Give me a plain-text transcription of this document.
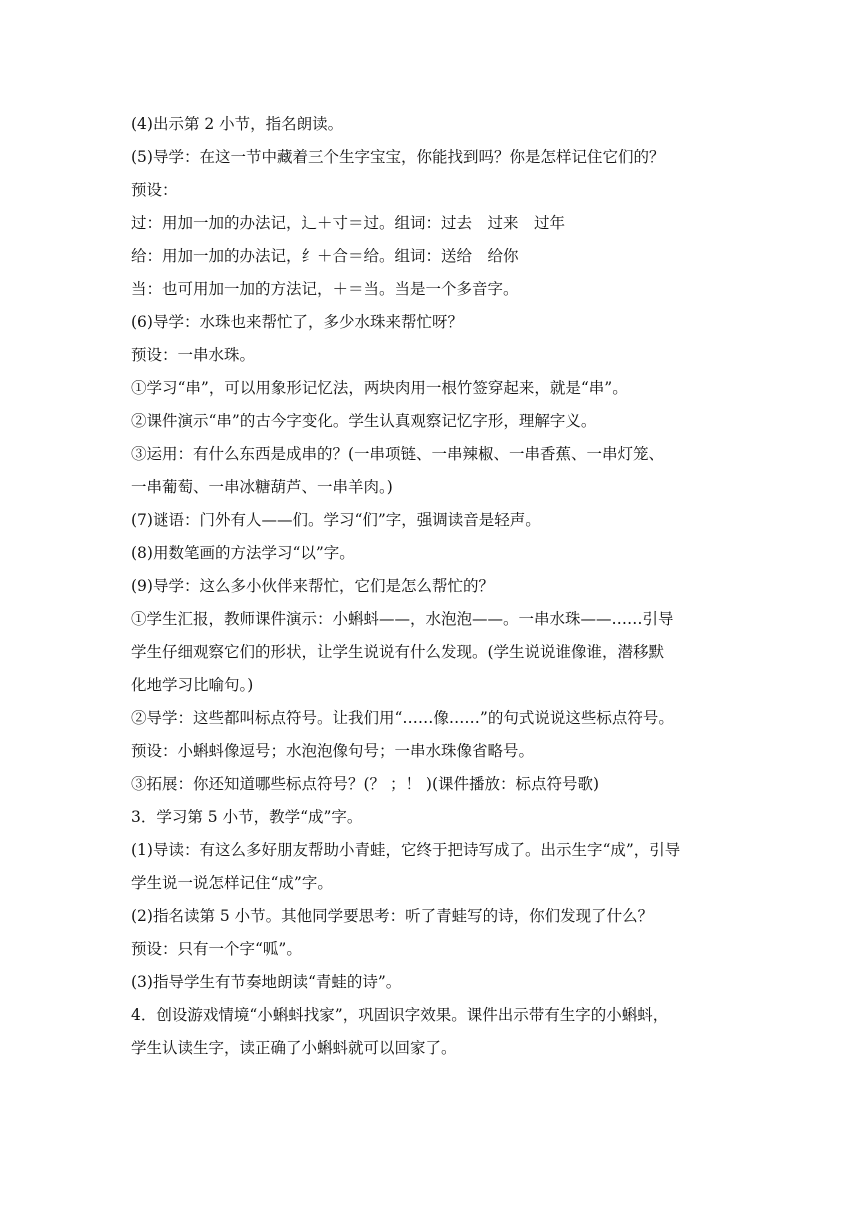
(4)出示第 2 小节，指名朗读。
(5)导学：在这一节中藏着三个生字宝宝，你能找到吗？你是怎样记住它们的？
预设：
过：用加一加的办法记，辶＋寸＝过。组词：过去　过来　过年
给：用加一加的办法记，纟＋合＝给。组词：送给　给你
当：也可用加一加的方法记，＋＝当。当是一个多音字。
(6)导学：水珠也来帮忙了，多少水珠来帮忙呀？
预设：一串水珠。
①学习“串”，可以用象形记忆法，两块肉用一根竹签穿起来，就是“串”。
②课件演示“串”的古今字变化。学生认真观察记忆字形，理解字义。
③运用：有什么东西是成串的？(一串项链、一串辣椒、一串香蕉、一串灯笼、
一串葡萄、一串冰糖葫芦、一串羊肉。)
(7)谜语：门外有人——们。学习“们”字，强调读音是轻声。
(8)用数笔画的方法学习“以”字。
(9)导学：这么多小伙伴来帮忙，它们是怎么帮忙的？
①学生汇报，教师课件演示：小蝌蚪——，水泡泡——。一串水珠——……引导
学生仔细观察它们的形状，让学生说说有什么发现。(学生说说谁像谁，潜移默
化地学习比喻句。)
②导学：这些都叫标点符号。让我们用“……像……”的句式说说这些标点符号。
预设：小蝌蚪像逗号；水泡泡像句号；一串水珠像省略号。
③拓展：你还知道哪些标点符号？(？ ；！ )(课件播放：标点符号歌)
3．学习第 5 小节，教学“成”字。
(1)导读：有这么多好朋友帮助小青蛙，它终于把诗写成了。出示生字“成”，引导
学生说一说怎样记住“成”字。
(2)指名读第 5 小节。其他同学要思考：听了青蛙写的诗，你们发现了什么？
预设：只有一个字“呱”。
(3)指导学生有节奏地朗读“青蛙的诗”。
4．创设游戏情境“小蝌蚪找家”，巩固识字效果。课件出示带有生字的小蝌蚪，
学生认读生字，读正确了小蝌蚪就可以回家了。
